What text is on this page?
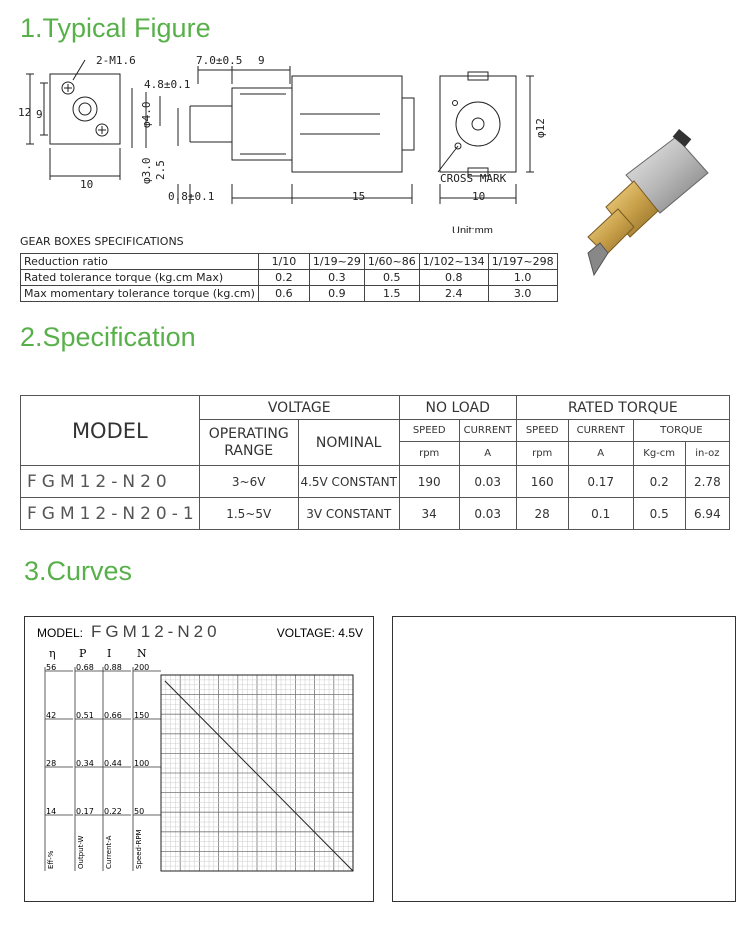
1.Typical Figure
2.Specification
3.Curves
2-M1.6	7.0±0.5 9
4.8±0.1
12 9
10
0.8±0.1	15	10
φ4.0
φ3.0 2.5
φ12
CROSS MARK
Unit:mm
GEAR BOXES SPECIFICATIONS
Reduction ratio	1/10	1/19~29	1/60~86	1/102~134	1/197~298
Rated tolerance torque (kg.cm Max)	0.2	0.3	0.5	0.8	1.0
Max momentary tolerance torque (kg.cm)	0.6	0.9	1.5	2.4	3.0
MODEL	VOLTAGE		NO LOAD		RATED TORQUE			
	OPERATING
RANGE	NOMINAL	SPEED	CURRENT	SPEED	CURRENT	TORQUE	
			rpm	A	rpm	A	Kg-cm	in-oz
FGM12-N20	3~6V	4.5V CONSTANT	190	0.03	160	0.17	0.2	2.78
FGM12-N20-1	1.5~5V	3V CONSTANT	34	0.03	28	0.1	0.5	6.94
MODEL: FGM12-N20	VOLTAGE: 4.5V
η
56
42
28
14
Eff-%
P
0.68
0.51
0.34
0.17
Output-W
I
0.88
0.66
0.44
0.22
Current-A
N
200
150
100
50
Speed-RPM
